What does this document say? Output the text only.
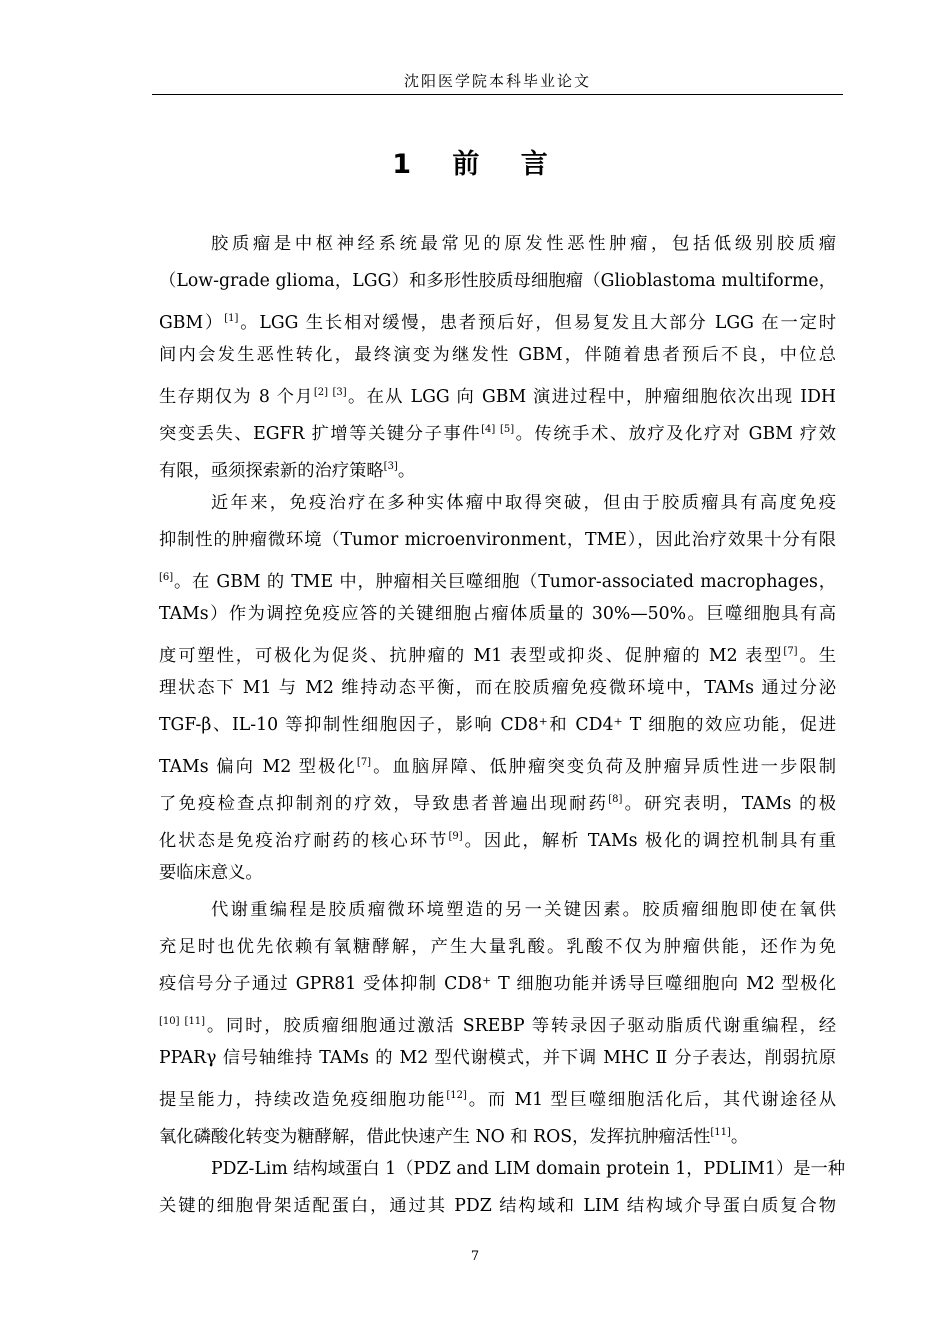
沈阳医学院本科毕业论文
1 前 言
胶质瘤是中枢神经系统最常见的原发性恶性肿瘤，包括低级别胶质瘤
（Low-grade glioma，LGG）和多形性胶质母细胞瘤（Glioblastoma multiforme，
GBM）[1]。LGG 生长相对缓慢，患者预后好，但易复发且大部分 LGG 在一定时
间内会发生恶性转化，最终演变为继发性 GBM，伴随着患者预后不良，中位总
生存期仅为 8 个月[2] [3]。在从 LGG 向 GBM 演进过程中，肿瘤细胞依次出现 IDH
突变丢失、EGFR 扩增等关键分子事件[4] [5]。传统手术、放疗及化疗对 GBM 疗效
有限，亟须探索新的治疗策略[3]。
近年来，免疫治疗在多种实体瘤中取得突破，但由于胶质瘤具有高度免疫
抑制性的肿瘤微环境（Tumor microenvironment，TME），因此治疗效果十分有限
[6]。在 GBM 的 TME 中，肿瘤相关巨噬细胞（Tumor-associated macrophages，
TAMs）作为调控免疫应答的关键细胞占瘤体质量的 30%—50%。巨噬细胞具有高
度可塑性，可极化为促炎、抗肿瘤的 M1 表型或抑炎、促肿瘤的 M2 表型[7]。生
理状态下 M1 与 M2 维持动态平衡，而在胶质瘤免疫微环境中，TAMs 通过分泌
TGF-β、IL-10 等抑制性细胞因子，影响 CD8⁺和 CD4⁺ T 细胞的效应功能，促进
TAMs 偏向 M2 型极化[7]。血脑屏障、低肿瘤突变负荷及肿瘤异质性进一步限制
了免疫检查点抑制剂的疗效，导致患者普遍出现耐药[8]。研究表明，TAMs 的极
化状态是免疫治疗耐药的核心环节[9]。因此，解析 TAMs 极化的调控机制具有重
要临床意义。
代谢重编程是胶质瘤微环境塑造的另一关键因素。胶质瘤细胞即使在氧供
充足时也优先依赖有氧糖酵解，产生大量乳酸。乳酸不仅为肿瘤供能，还作为免
疫信号分子通过 GPR81 受体抑制 CD8⁺ T 细胞功能并诱导巨噬细胞向 M2 型极化
[10] [11]。同时，胶质瘤细胞通过激活 SREBP 等转录因子驱动脂质代谢重编程，经
PPARγ 信号轴维持 TAMs 的 M2 型代谢模式，并下调 MHC Ⅱ 分子表达，削弱抗原
提呈能力，持续改造免疫细胞功能[12]。而 M1 型巨噬细胞活化后，其代谢途径从
氧化磷酸化转变为糖酵解，借此快速产生 NO 和 ROS，发挥抗肿瘤活性[11]。
PDZ-Lim 结构域蛋白 1（PDZ and LIM domain protein 1，PDLIM1）是一种
关键的细胞骨架适配蛋白，通过其 PDZ 结构域和 LIM 结构域介导蛋白质复合物
7
